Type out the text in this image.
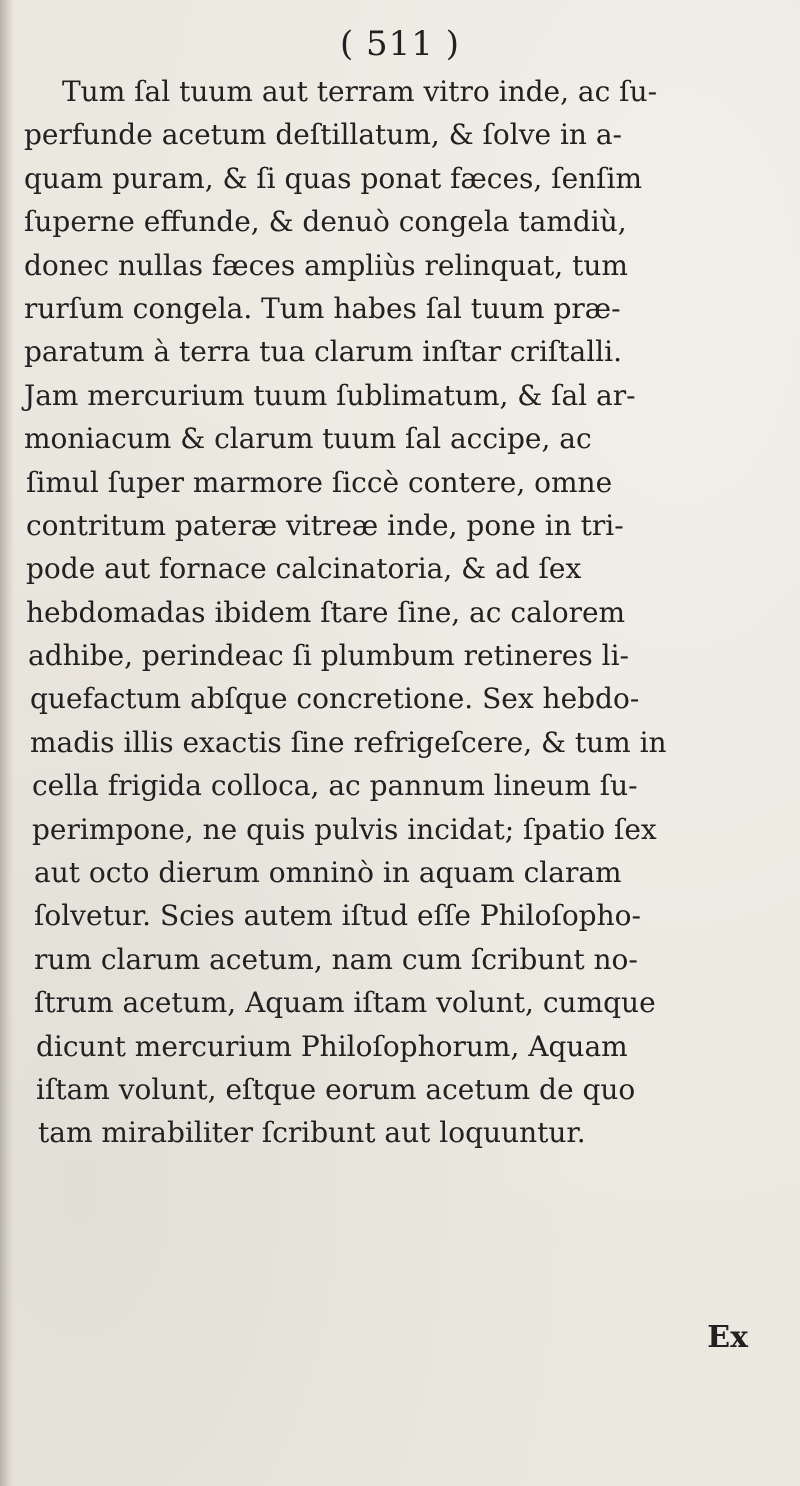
( 511 )
Tum ſal tuum aut terram vitro inde, ac ſu-
perfunde acetum deſtillatum, & ſolve in a-
quam puram, & ſi quas ponat fæces, ſenſim
ſuperne effunde, & denuò congela tamdiù,
donec nullas fæces ampliùs relinquat, tum
rurſum congela. Tum habes ſal tuum præ-
paratum à terra tua clarum inſtar criſtalli.
Jam mercurium tuum ſublimatum, & ſal ar-
moniacum & clarum tuum ſal accipe, ac
ſimul ſuper marmore ſiccè contere, omne
contritum pateræ vitreæ inde, pone in tri-
pode aut fornace calcinatoria, & ad ſex
hebdomadas ibidem ſtare ſine, ac calorem
adhibe, perindeac ſi plumbum retineres li-
quefactum abſque concretione. Sex hebdo-
madis illis exactis ſine refrigeſcere, & tum in
cella frigida colloca, ac pannum lineum ſu-
perimpone, ne quis pulvis incidat; ſpatio ſex
aut octo dierum omninò in aquam claram
ſolvetur. Scies autem iſtud eſſe Philoſopho-
rum clarum acetum, nam cum ſcribunt no-
ſtrum acetum, Aquam iſtam volunt, cumque
dicunt mercurium Philoſophorum, Aquam
iſtam volunt, eſtque eorum acetum de quo
tam mirabiliter ſcribunt aut loquuntur.
Ex
